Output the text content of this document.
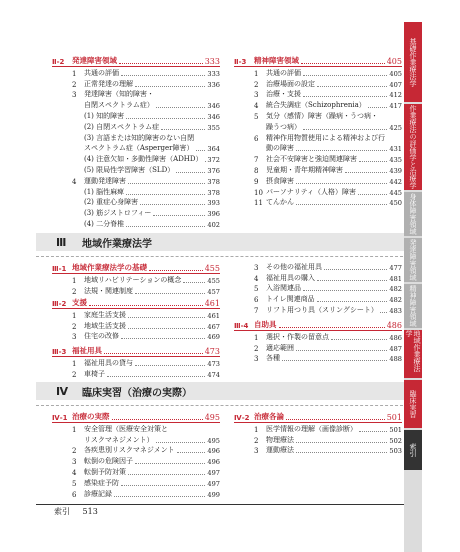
Ⅱ-2	発達障害領域	333
1	共通の評価	333
2	正常発達の理解	336
3	発達障害（知的障害・
自閉スペクトラム症）	346
(1) 知的障害	346
(2) 自閉スペクトラム症	355
(3) 言語または知的障害のない自閉
スペクトラム症（Asperger障害） 364
(4) 注意欠如・多動性障害（ADHD） 372
(5) 限局性学習障害（SLD）	376
4	運動発達障害	378
(1) 脳性麻痺	378
(2) 重症心身障害	393
(3) 筋ジストロフィー	396
(4) 二分脊椎	402
Ⅱ-3	精神障害領域	405
1	共通の評価	405
2	治療場面の設定	407
3	治療・支援	412
4	統合失調症（Schizophrenia）	417
5	気分（感情）障害（躁病・うつ病・
躁うつ病）	425
6	精神作用物質使用による精神および行
動の障害	431
7	社会不安障害と強迫関連障害	435
8	児童期・青年期精神障害	439
9	摂食障害	442
10 パーソナリティ（人格）障害	445
11 てんかん	450
Ⅲ	地域作業療法学
Ⅲ-1 地域作業療法学の基礎	455
1	地域リハビリテーションの概念	455
2	法規・関連制度	457
Ⅲ-2 支援	461
1	家庭生活支援	461
2	地域生活支援	467
3	住宅の改修	469
Ⅲ-3 福祉用具	473
1	福祉用具の貸与	473
2	車椅子	474
3	その他の福祉用具	477
4	福祉用具の購入	481
5	入浴関連品	482
6	トイレ関連商品	482
7	リフト用つり具（スリングシート） 483
Ⅲ-4 自助具	486
1	選択・作製の留意点	486
2	適応範囲	487
3	各種	488
Ⅳ	臨床実習（治療の実際）
Ⅳ-1 治療の実際	495
1	安全管理（医療安全対策と
リスクマネジメント）	495
2	各疾患別リスクマネジメント	496
3	転倒の危険因子	496
4	転倒予防対策	497
5	感染症予防	497
6	診療記録	499
Ⅳ-2 治療各論	501
1	医学情報の理解（画像診断）	501
2	物理療法	502
3	運動療法	503
索引 513
基礎作業療法学
作業療法の評価学と治療学
身体障害領域
発達障害領域
精神障害領域
地域作業療法学
臨床実習
索引
